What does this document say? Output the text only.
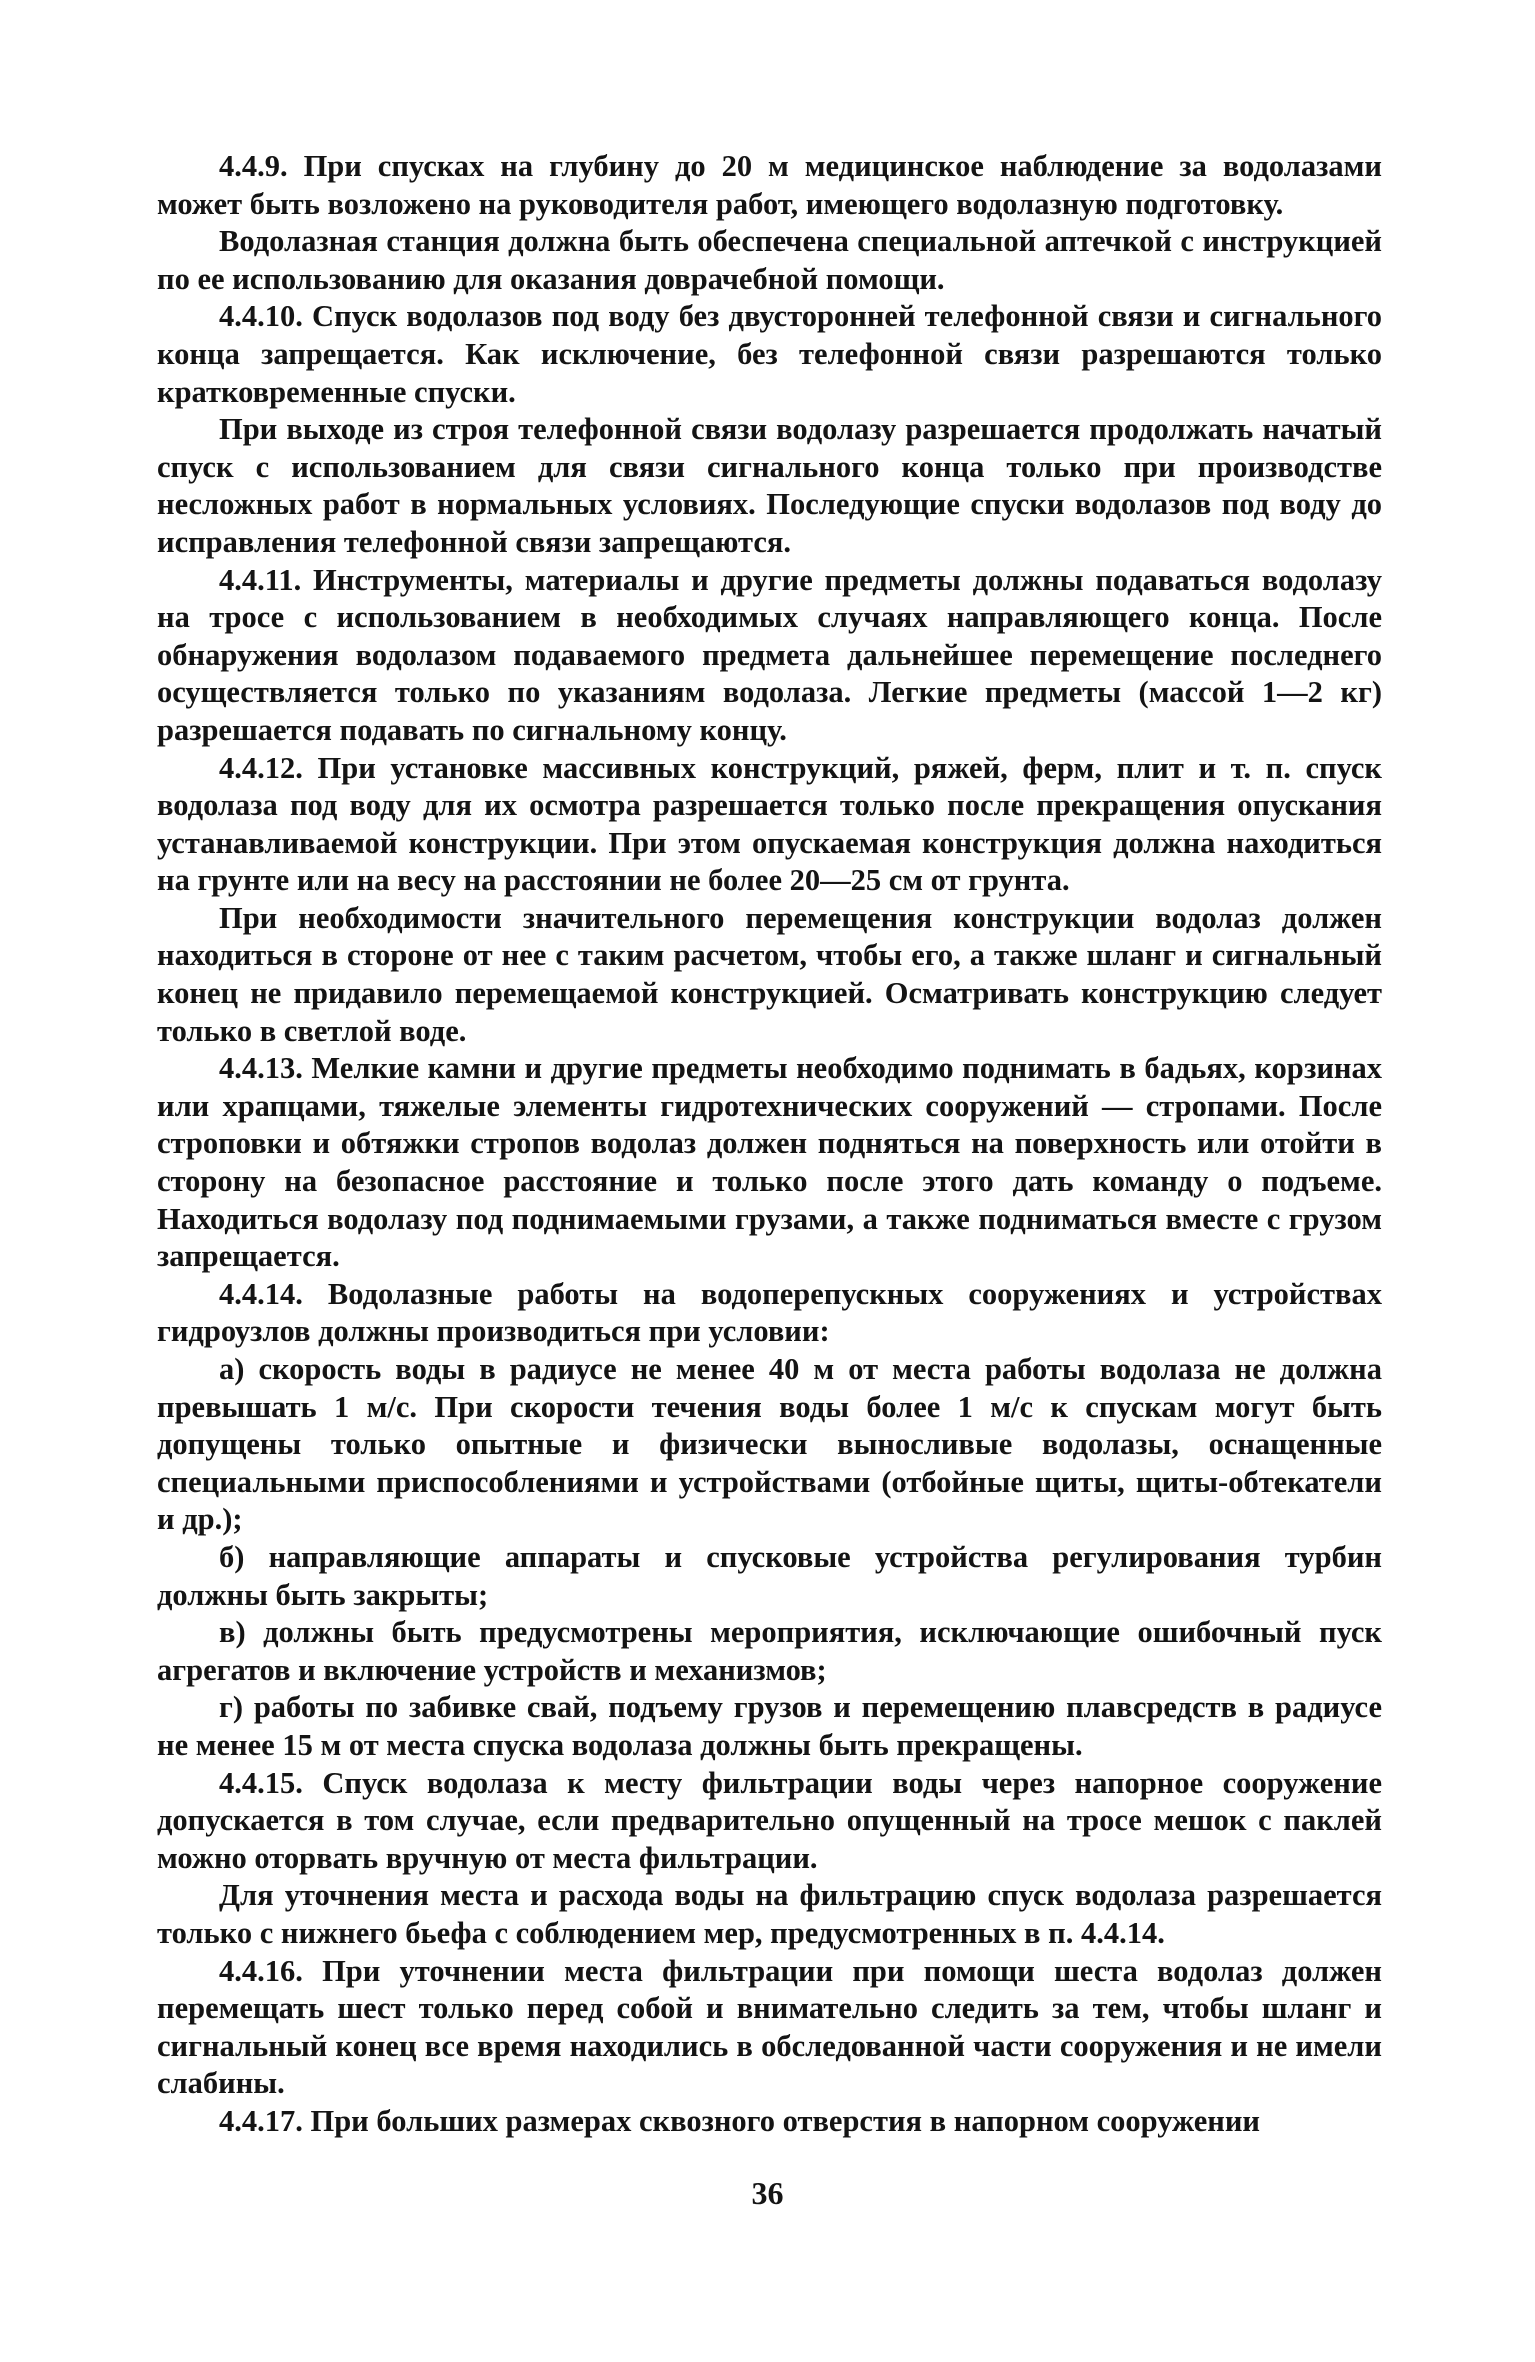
4.4.9. При спусках на глубину до 20 м медицинское наблюдение за водолазами может быть возложено на руководителя работ, имеющего водолазную подготовку.

Водолазная станция должна быть обеспечена специальной аптечкой с инструкцией по ее использованию для оказания доврачебной помощи.

4.4.10. Спуск водолазов под воду без двусторонней телефонной связи и сигнального конца запрещается. Как исключение, без телефонной связи разрешаются только кратковременные спуски.

При выходе из строя телефонной связи водолазу разрешается продолжать начатый спуск с использованием для связи сигнального конца только при производстве несложных работ в нормальных условиях. Последующие спуски водолазов под воду до исправления телефонной связи запрещаются.

4.4.11. Инструменты, материалы и другие предметы должны подаваться водолазу на тросе с использованием в необходимых случаях направляющего конца. После обнаружения водолазом подаваемого предмета дальнейшее перемещение последнего осуществляется только по указаниям водолаза. Легкие предметы (массой 1—2 кг) разрешается подавать по сигнальному концу.

4.4.12. При установке массивных конструкций, ряжей, ферм, плит и т. п. спуск водолаза под воду для их осмотра разрешается только после прекращения опускания устанавливаемой конструкции. При этом опускаемая конструкция должна находиться на грунте или на весу на расстоянии не более 20—25 см от грунта.

При необходимости значительного перемещения конструкции водолаз должен находиться в стороне от нее с таким расчетом, чтобы его, а также шланг и сигнальный конец не придавило перемещаемой конструкцией. Осматривать конструкцию следует только в светлой воде.

4.4.13. Мелкие камни и другие предметы необходимо поднимать в бадьях, корзинах или храпцами, тяжелые элементы гидротехнических сооружений — стропами. После строповки и обтяжки стропов водолаз должен подняться на поверхность или отойти в сторону на безопасное расстояние и только после этого дать команду о подъеме. Находиться водолазу под поднимаемыми грузами, а также подниматься вместе с грузом запрещается.

4.4.14. Водолазные работы на водоперепускных сооружениях и устройствах гидроузлов должны производиться при условии:

а) скорость воды в радиусе не менее 40 м от места работы водолаза не должна превышать 1 м/с. При скорости течения воды более 1 м/с к спускам могут быть допущены только опытные и физически выносливые водолазы, оснащенные специальными приспособлениями и устройствами (отбойные щиты, щиты-обтекатели и др.);

б) направляющие аппараты и спусковые устройства регулирования турбин должны быть закрыты;

в) должны быть предусмотрены мероприятия, исключающие ошибочный пуск агрегатов и включение устройств и механизмов;

г) работы по забивке свай, подъему грузов и перемещению плавсредств в радиусе не менее 15 м от места спуска водолаза должны быть прекращены.

4.4.15. Спуск водолаза к месту фильтрации воды через напорное сооружение допускается в том случае, если предварительно опущенный на тросе мешок с паклей можно оторвать вручную от места фильтрации.

Для уточнения места и расхода воды на фильтрацию спуск водолаза разрешается только с нижнего бьефа с соблюдением мер, предусмотренных в п. 4.4.14.

4.4.16. При уточнении места фильтрации при помощи шеста водолаз должен перемещать шест только перед собой и внимательно следить за тем, чтобы шланг и сигнальный конец все время находились в обследованной части сооружения и не имели слабины.

4.4.17. При больших размерах сквозного отверстия в напорном сооружении

36
